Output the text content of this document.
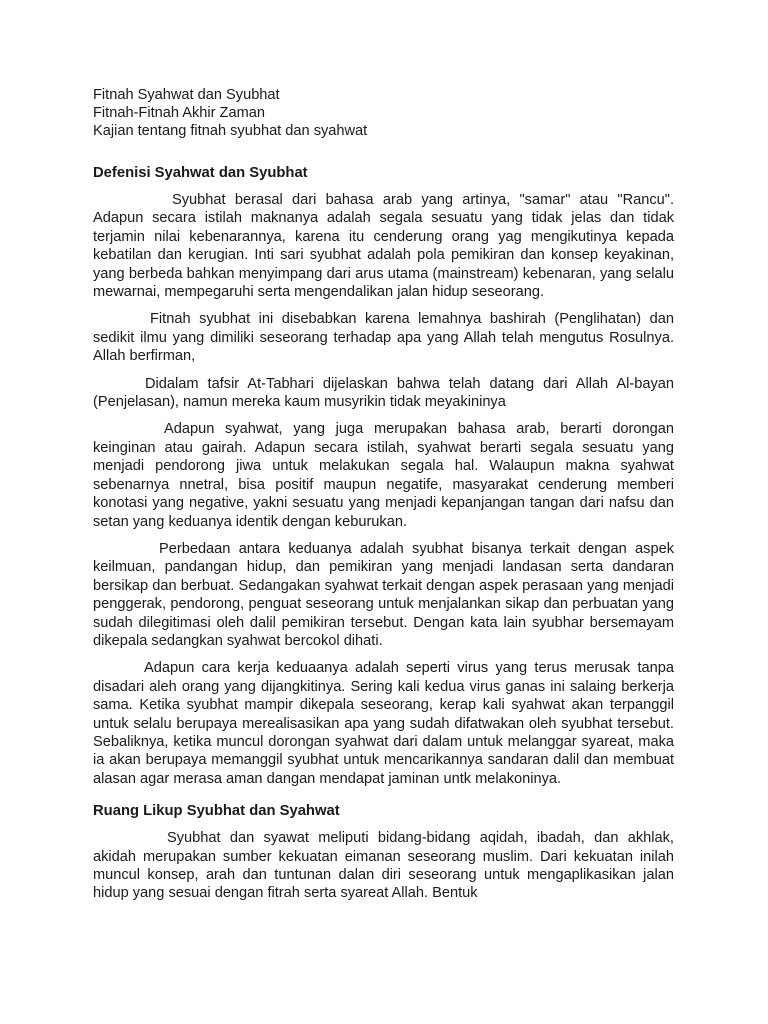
Fitnah Syahwat dan Syubhat
Fitnah-Fitnah Akhir Zaman
Kajian tentang fitnah syubhat dan syahwat
Defenisi Syahwat dan Syubhat

Syubhat berasal dari bahasa arab yang artinya, "samar" atau "Rancu". Adapun secara istilah maknanya adalah segala sesuatu yang tidak jelas dan tidak terjamin nilai kebenarannya, karena itu cenderung orang yag mengikutinya kepada kebatilan dan kerugian. Inti sari syubhat adalah pola pemikiran dan konsep keyakinan, yang berbeda bahkan menyimpang dari arus utama (mainstream) kebenaran, yang selalu mewarnai, mempegaruhi serta mengendalikan jalan hidup seseorang.

Fitnah syubhat ini disebabkan karena lemahnya bashirah (Penglihatan) dan sedikit ilmu yang dimiliki seseorang terhadap apa yang Allah telah mengutus Rosulnya. Allah berfirman,

Didalam tafsir At-Tabhari dijelaskan bahwa telah datang dari Allah Al-bayan (Penjelasan), namun mereka kaum musyrikin tidak meyakininya

Adapun syahwat, yang juga merupakan bahasa arab, berarti dorongan keinginan atau gairah. Adapun secara istilah, syahwat berarti segala sesuatu yang menjadi pendorong jiwa untuk melakukan segala hal. Walaupun makna syahwat sebenarnya nnetral, bisa positif maupun negatife, masyarakat cenderung memberi konotasi yang negative, yakni sesuatu yang menjadi kepanjangan tangan dari nafsu dan setan yang keduanya identik dengan keburukan.

Perbedaan antara keduanya adalah syubhat bisanya terkait dengan aspek keilmuan, pandangan hidup, dan pemikiran yang menjadi landasan serta dandaran bersikap dan berbuat. Sedangakan syahwat terkait dengan aspek perasaan yang menjadi penggerak, pendorong, penguat seseorang untuk menjalankan sikap dan perbuatan yang sudah dilegitimasi oleh dalil pemikiran tersebut. Dengan kata lain syubhar bersemayam dikepala sedangkan syahwat bercokol dihati.

Adapun cara kerja keduaanya adalah seperti virus yang terus merusak tanpa disadari aleh orang yang dijangkitinya. Sering kali kedua virus ganas ini salaing berkerja sama. Ketika syubhat mampir dikepala seseorang, kerap kali syahwat akan terpanggil untuk selalu berupaya merealisasikan apa yang sudah difatwakan oleh syubhat tersebut. Sebaliknya, ketika muncul dorongan syahwat dari dalam untuk melanggar syareat, maka ia akan berupaya memanggil syubhat untuk mencarikannya sandaran dalil dan membuat alasan agar merasa aman dangan mendapat jaminan untk melakoninya.

Ruang Likup Syubhat dan Syahwat

Syubhat dan syawat meliputi bidang-bidang aqidah, ibadah, dan akhlak, akidah merupakan sumber kekuatan eimanan seseorang muslim. Dari kekuatan inilah muncul konsep, arah dan tuntunan dalan diri seseorang untuk mengaplikasikan jalan hidup yang sesuai dengan fitrah serta syareat Allah. Bentuk
